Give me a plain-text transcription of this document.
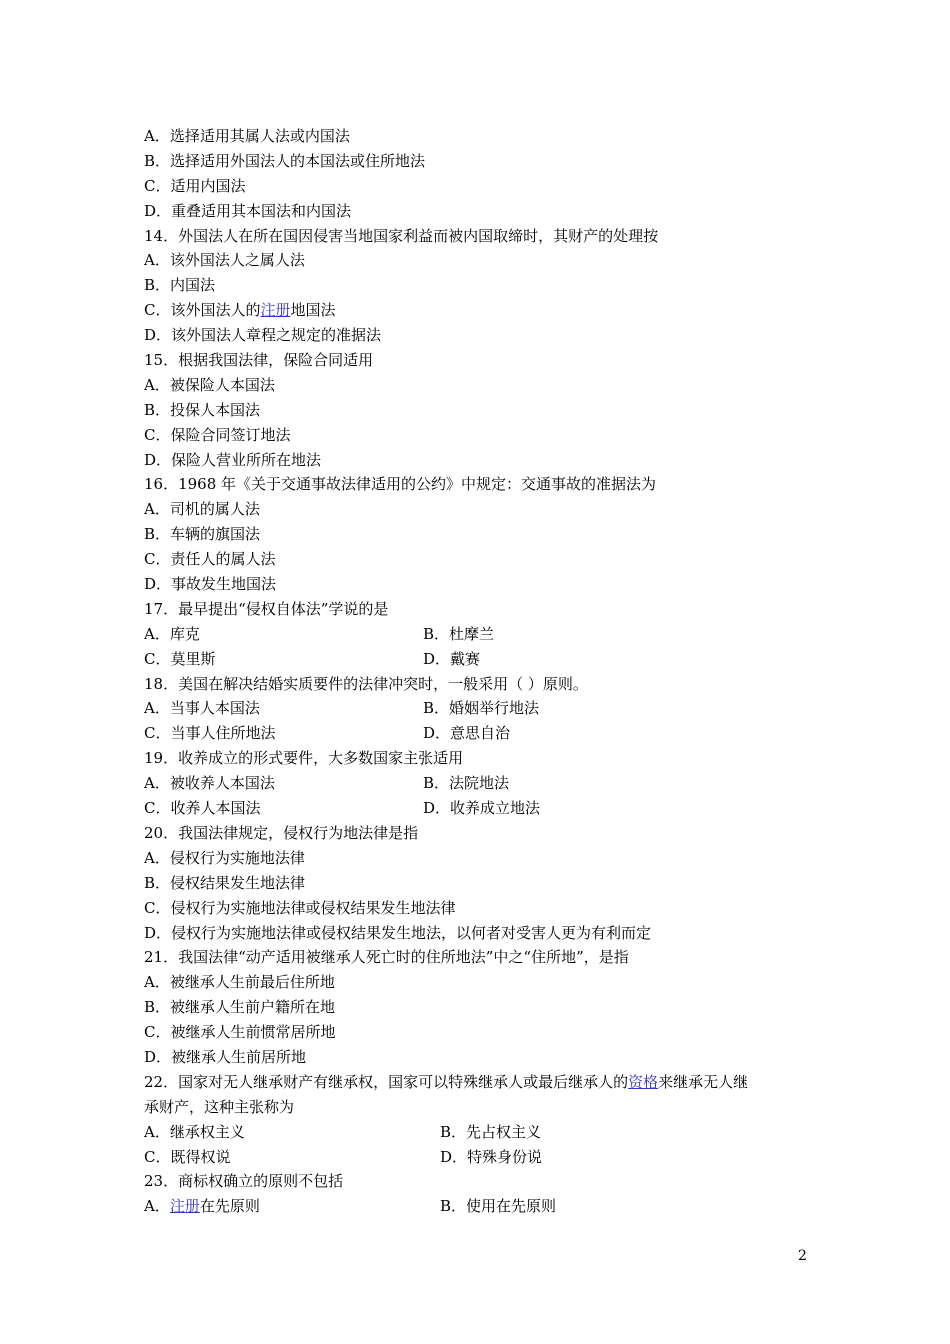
A．选择适用其属人法或内国法
B．选择适用外国法人的本国法或住所地法
C．适用内国法
D．重叠适用其本国法和内国法
14．外国法人在所在国因侵害当地国家利益而被内国取缔时，其财产的处理按
A．该外国法人之属人法
B．内国法
C．该外国法人的注册地国法
D．该外国法人章程之规定的准据法
15．根据我国法律，保险合同适用
A．被保险人本国法
B．投保人本国法
C．保险合同签订地法
D．保险人营业所所在地法
16．1968 年《关于交通事故法律适用的公约》中规定：交通事故的准据法为
A．司机的属人法
B．车辆的旗国法
C．责任人的属人法
D．事故发生地国法
17．最早提出“侵权自体法”学说的是
A．库克	B．杜摩兰
C．莫里斯	D．戴赛
18．美国在解决结婚实质要件的法律冲突时，一般采用（ ）原则。
A．当事人本国法	B．婚姻举行地法
C．当事人住所地法	D．意思自治
19．收养成立的形式要件，大多数国家主张适用
A．被收养人本国法	B．法院地法
C．收养人本国法	D．收养成立地法
20．我国法律规定，侵权行为地法律是指
A．侵权行为实施地法律
B．侵权结果发生地法律
C．侵权行为实施地法律或侵权结果发生地法律
D．侵权行为实施地法律或侵权结果发生地法，以何者对受害人更为有利而定
21．我国法律“动产适用被继承人死亡时的住所地法”中之“住所地”，是指
A．被继承人生前最后住所地
B．被继承人生前户籍所在地
C．被继承人生前惯常居所地
D．被继承人生前居所地
22．国家对无人继承财产有继承权，国家可以特殊继承人或最后继承人的资格来继承无人继
承财产，这种主张称为
A．继承权主义	B．先占权主义
C．既得权说	D．特殊身份说
23．商标权确立的原则不包括
A．注册在先原则	B．使用在先原则
2
